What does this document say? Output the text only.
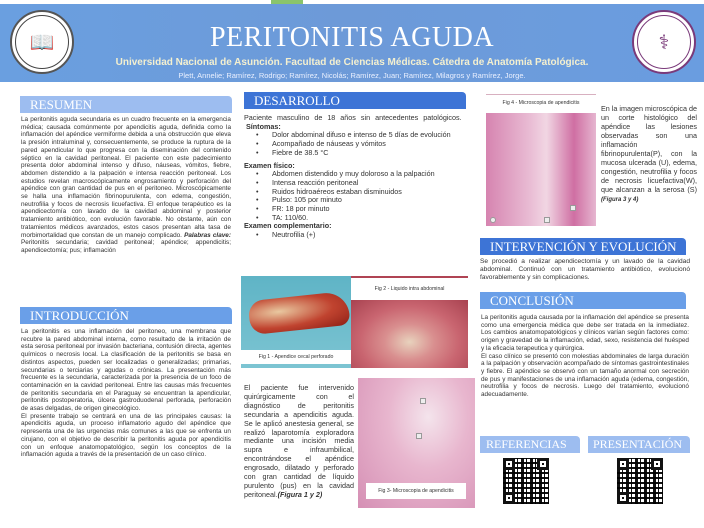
📖	PERITONITIS AGUDA
Universidad Nacional de Asunción. Facultad de Ciencias Médicas. Cátedra de Anatomía Patológica.
Plett, Annelie; Ramírez, Rodrigo; Ramírez, Nicolás; Ramírez, Juan; Ramírez, Milagros y Ramírez, Jorge.
⚕
RESUMEN
La peritonitis aguda secundaria es un cuadro frecuente en la emergencia médica; causada comúnmente por apendicitis aguda, definida como la inflamación del apéndice vermiforme debida a una obstrucción que eleva la presión intraluminal y, consecuentemente, se produce la ruptura de la pared apendicular lo que progresa con la diseminación del contenido séptico en la cavidad peritoneal. El paciente con este padecimiento presenta dolor abdominal intenso y difuso, náuseas, vómitos, fiebre, abdomen distendido a la palpación e intensa reacción peritoneal. Los estudios revelan macroscópicamente engrosamiento y perforación del apéndice con gran cantidad de pus en el peritoneo. Microscópicamente se halla una inflamación fibrinopurulenta, con edema, congestión, neutrofilia y focos de necrosis licuefactiva. El enfoque terapéutico es la apendicectomía con lavado de la cavidad abdominal y posterior tratamiento antibiótico, con evolución favorable. No obstante, aún con tratamientos médicos avanzados, estos casos presentan alta tasa de morbimortalidad que constan de un manejo complicado. Palabras clave: Peritonitis secundaria; cavidad peritoneal; apéndice; appendicitis; apendicectomía; pus; inflamación
INTRODUCCIÓN
La peritonitis es una inflamación del peritoneo, una membrana que recubre la pared abdominal interna, como resultado de la irritación de esta serosa peritoneal por invasión bacteriana, contusión directa, agentes químicos o necrosis local. La clasificación de la peritonitis se basa en distintos aspectos, pueden ser localizadas o generalizadas; primarias, secundarias o terciarias y agudas o crónicas. La presentación más frecuente es la secundaria, caracterizada por la presencia de un foco de contaminación en la cavidad peritoneal. Entre las causas más frecuentes de peritonitis secundaria en el Paraguay se encuentran la apendicular, peritonitis postoperatoria, úlcera gastroduodenal perforada, perforación de asas delgadas, de origen ginecológico.
El presente trabajo se centrará en una de las principales causas: la apendicitis aguda, un proceso inflamatorio agudo del apéndice que representa una de las urgencias más comunes a las que se enfrenta un cirujano, con el objetivo de describir la peritonitis aguda por apendicitis con un enfoque anatomopatológico, según los conceptos de la inflamación aguda a través de la presentación de un caso clínico.
DESARROLLO
Paciente masculino de 18 años sin antecedentes patológicos.
Síntomas:
• Dolor abdominal difuso e intenso de 5 días de evolución
• Acompañado de náuseas y vómitos
• Fiebre de 38.5 °C
Examen físico:
• Abdomen distendido y muy doloroso a la palpación
• Intensa reacción peritoneal
• Ruidos hidroaéreos estaban disminuidos
• Pulso: 105 por minuto
• FR: 18 por minuto
• TA: 110/60.
Examen complementario:
• Neutrofilia (+)
Fig 1 - Apendice cecal perforado
Fig 2 - Liquido intra abdominal
El paciente fue intervenido quirúrgicamente con el diagnóstico de peritonitis secundaria a apendicitis aguda. Se le aplicó anestesia general, se realizó laparotomía exploradora mediante una incisión media supra e infraumbilical, encontrándose el apéndice engrosado, dilatado y perforado con gran cantidad de líquido purulento (pus) en la cavidad peritoneal.(Figura 1 y 2)	Fig 3- Microscopia de apendicitis
Fig 4 - Microscopia de apendicitis
En la imagen microscópica de un corte histológico del apéndice las lesiones observadas son una inflamación fibrinopurulenta(P), con la mucosa ulcerada (U), edema, congestión, neutrofilia y focos de necrosis licuefactiva(W), que alcanzan a la serosa (S) (Figura 3 y 4)
INTERVENCIÓN Y EVOLUCIÓN
Se procedió a realizar apendicectomía y un lavado de la cavidad abdominal. Continuó con un tratamiento antibiótico, evolucionó favorablemente y sin complicaciones.
CONCLUSIÓN
La peritonitis aguda causada por la inflamación del apéndice se presenta como una emergencia médica que debe ser tratada en la inmediatez. Los cambios anatomopatológicos y clínicos varían según factores como: origen y gravedad de la inflamación, edad, sexo, resistencia del huésped y la eficacia terapeutica y quirúrgica.
El caso clínico se presentó con molestias abdominales de larga duración a la palpación y observación acompañado de síntomas gastrointestinales y fiebre. El apéndice se observó con un tamaño anormal con secreción de pus y manifestaciones de una inflamación aguda (edema, congestión, neutrofilia y focos de necrosis. Luego del tratamiento, evolucionó adecuadamente.
REFERENCIAS	PRESENTACIÓN
